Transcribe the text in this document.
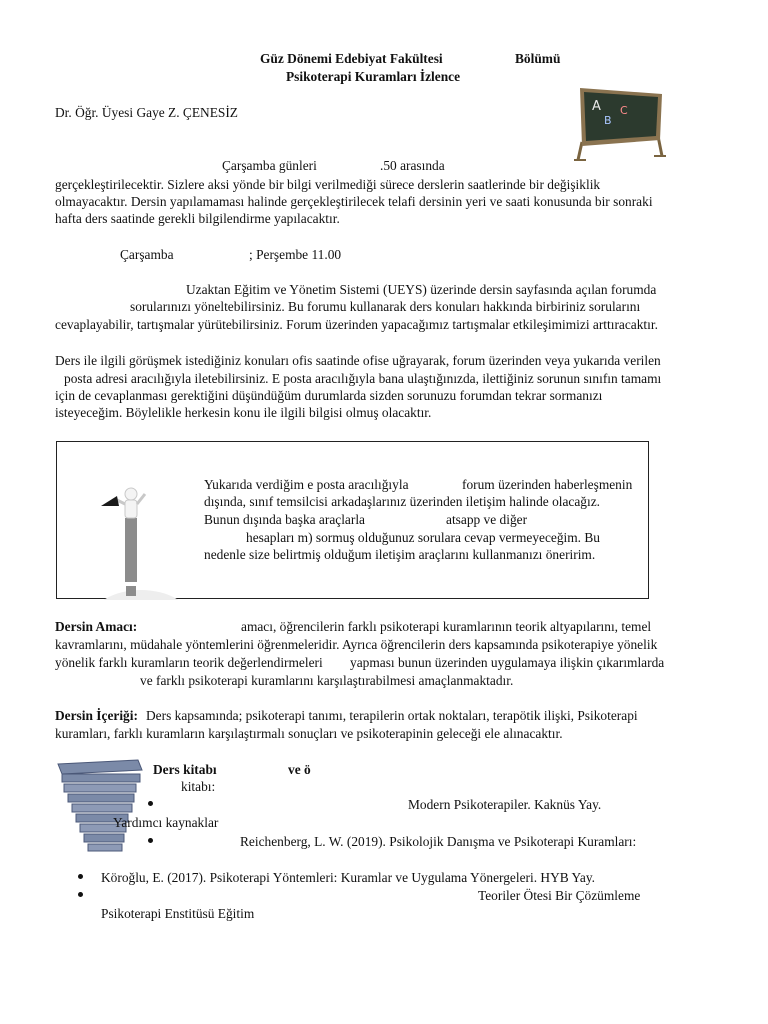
Güz Dönemi Edebiyat Fakültesi	Bölümü
Psikoterapi Kuramları İzlence
Dr. Öğr. Üyesi Gaye Z. ÇENESİZ	A
B
C
Çarşamba günleri	.50 arasında
gerçekleştirilecektir. Sizlere aksi yönde bir bilgi verilmediği sürece derslerin saatlerinde bir değişiklik
olmayacaktır. Dersin yapılamaması halinde gerçekleştirilecek telafi dersinin yeri ve saati konusunda bir sonraki
hafta ders saatinde gerekli bilgilendirme yapılacaktır.
Çarşamba	; Perşembe 11.00
Uzaktan Eğitim ve Yönetim Sistemi (UEYS) üzerinde dersin sayfasında açılan forumda
sorularınızı yöneltebilirsiniz. Bu forumu kullanarak ders konuları hakkında birbiriniz sorularını
cevaplayabilir, tartışmalar yürütebilirsiniz. Forum üzerinden yapacağımız tartışmalar etkileşimimizi arttıracaktır.
Ders ile ilgili görüşmek istediğiniz konuları ofis saatinde ofise uğrayarak, forum üzerinden veya yukarıda verilen
posta adresi aracılığıyla iletebilirsiniz. E posta aracılığıyla bana ulaştığınızda, ilettiğiniz sorunun sınıfın tamamı
için de cevaplanması gerektiğini düşündüğüm durumlarda sizden sorunuzu forumdan tekrar sormanızı
isteyeceğim. Böylelikle herkesin konu ile ilgili bilgisi olmuş olacaktır.
Yukarıda verdiğim e posta aracılığıyla	forum üzerinden haberleşmenin
dışında, sınıf temsilcisi arkadaşlarınız üzerinden iletişim halinde olacağız.
Bunun dışında başka araçlarla	atsapp ve diğer
hesapları m) sormuş olduğunuz sorulara cevap vermeyeceğim. Bu
nedenle size belirtmiş olduğum iletişim araçlarını kullanmanızı öneririm.
Dersin Amacı:	amacı, öğrencilerin farklı psikoterapi kuramlarının teorik altyapılarını, temel
kavramlarını, müdahale yöntemlerini öğrenmeleridir. Ayrıca öğrencilerin ders kapsamında psikoterapiye yönelik
yönelik farklı kuramların teorik değerlendirmeleri yapması bunun üzerinden uygulamaya ilişkin çıkarımlarda
ve farklı psikoterapi kuramlarını karşılaştırabilmesi amaçlanmaktadır.
Dersin İçeriği: Ders kapsamında; psikoterapi tanımı, terapilerin ortak noktaları, terapötik ilişki, Psikoterapi
kuramları, farklı kuramların karşılaştırmalı sonuçları ve psikoterapinin geleceği ele alınacaktır.
Ders kitabı	ve ö
kitabı:
Modern Psikoterapiler. Kaknüs Yay.
Yardımcı kaynaklar
Reichenberg, L. W. (2019). Psikolojik Danışma ve Psikoterapi Kuramları:
Köroğlu, E. (2017). Psikoterapi Yöntemleri: Kuramlar ve Uygulama Yönergeleri. HYB Yay.
Teoriler Ötesi Bir Çözümleme
Psikoterapi Enstitüsü Eğitim
